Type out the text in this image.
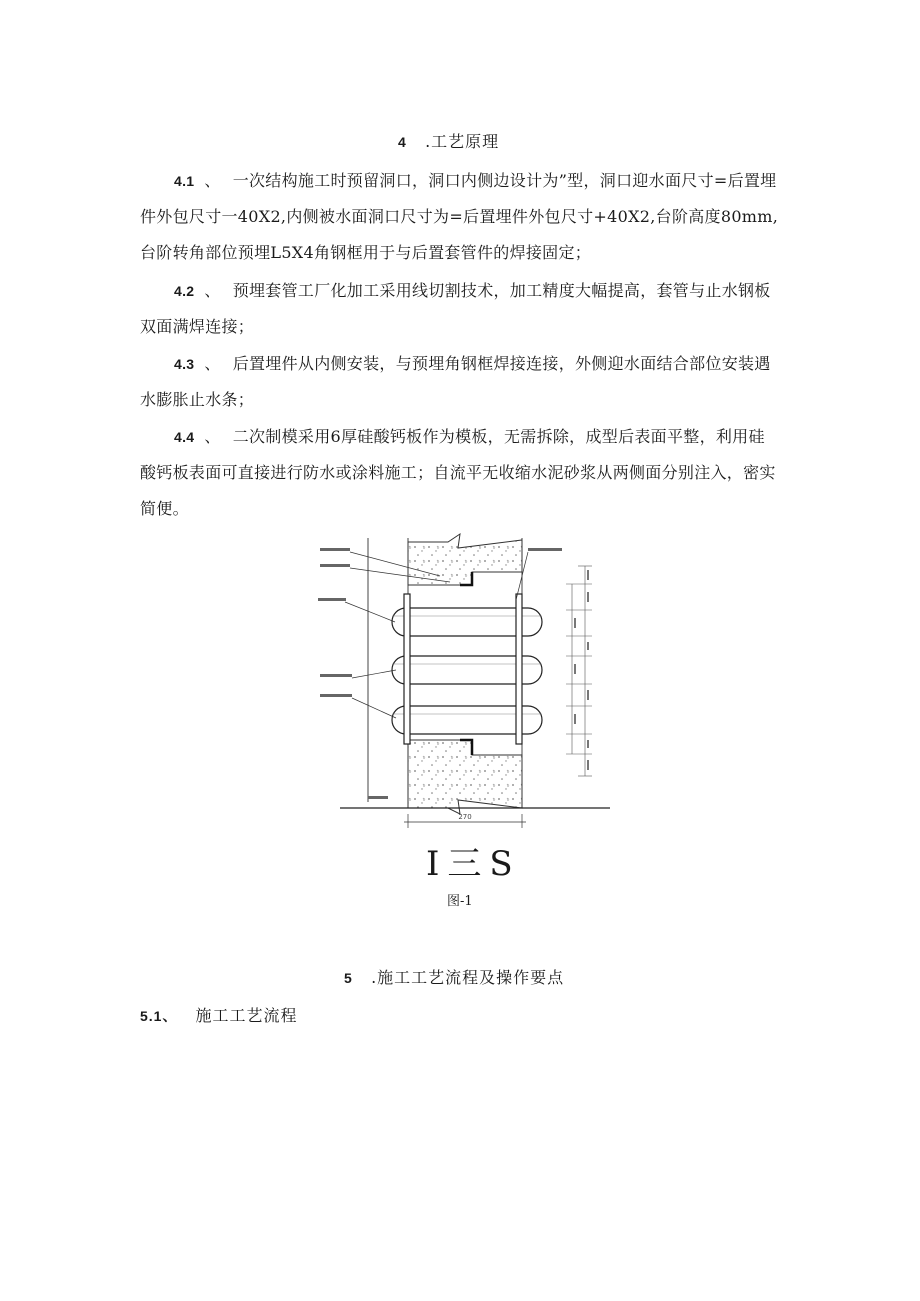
4 .工艺原理
4.1 、 一次结构施工时预留洞口，洞口内侧边设计为”型，洞口迎水面尺寸=后置埋件外包尺寸一40X2,内侧被水面洞口尺寸为=后置埋件外包尺寸+40X2,台阶高度80mm,台阶转角部位预埋L5X4角钢框用于与后置套管件的焊接固定；
4.2 、 预埋套管工厂化加工采用线切割技术，加工精度大幅提高，套管与止水钢板双面满焊连接；
4.3 、 后置埋件从内侧安装，与预埋角钢框焊接连接，外侧迎水面结合部位安装遇水膨胀止水条；
4.4 、 二次制模采用6厚硅酸钙板作为模板，无需拆除，成型后表面平整，利用硅酸钙板表面可直接进行防水或涂料施工；自流平无收缩水泥砂浆从两侧面分别注入，密实简便。
270
I三S
图-1
5 .施工工艺流程及操作要点
5.1、 施工工艺流程
